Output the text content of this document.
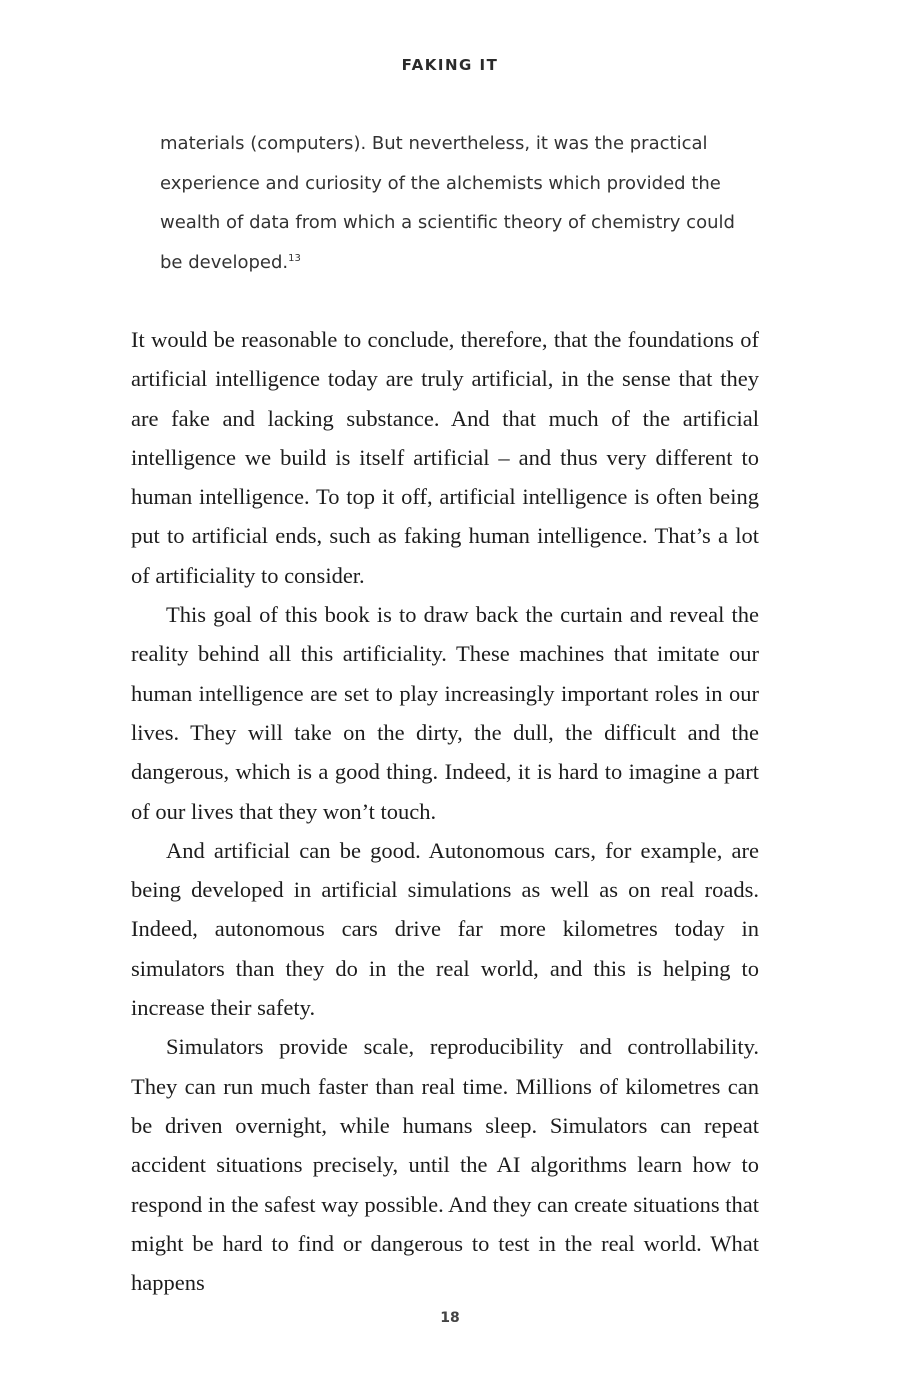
FAKING IT

materials (computers). But nevertheless, it was the practical experience and curiosity of the alchemists which provided the wealth of data from which a scientific theory of chemistry could be developed.$^{13}$

It would be reasonable to conclude, therefore, that the foundations of artificial intelligence today are truly artificial, in the sense that they are fake and lacking substance. And that much of the artificial intelligence we build is itself artificial – and thus very different to human intelligence. To top it off, artificial intelligence is often being put to artificial ends, such as faking human intelligence. That’s a lot of artificiality to consider.

This goal of this book is to draw back the curtain and reveal the reality behind all this artificiality. These machines that imitate our human intelligence are set to play increasingly important roles in our lives. They will take on the dirty, the dull, the difficult and the dangerous, which is a good thing. Indeed, it is hard to imagine a part of our lives that they won’t touch.

And artificial can be good. Autonomous cars, for example, are being developed in artificial simulations as well as on real roads. Indeed, autonomous cars drive far more kilometres today in simulators than they do in the real world, and this is helping to increase their safety.

Simulators provide scale, reproducibility and controllability. They can run much faster than real time. Millions of kilometres can be driven overnight, while humans sleep. Simulators can repeat accident situations precisely, until the AI algorithms learn how to respond in the safest way possible. And they can create situations that might be hard to find or dangerous to test in the real world. What happens

18
